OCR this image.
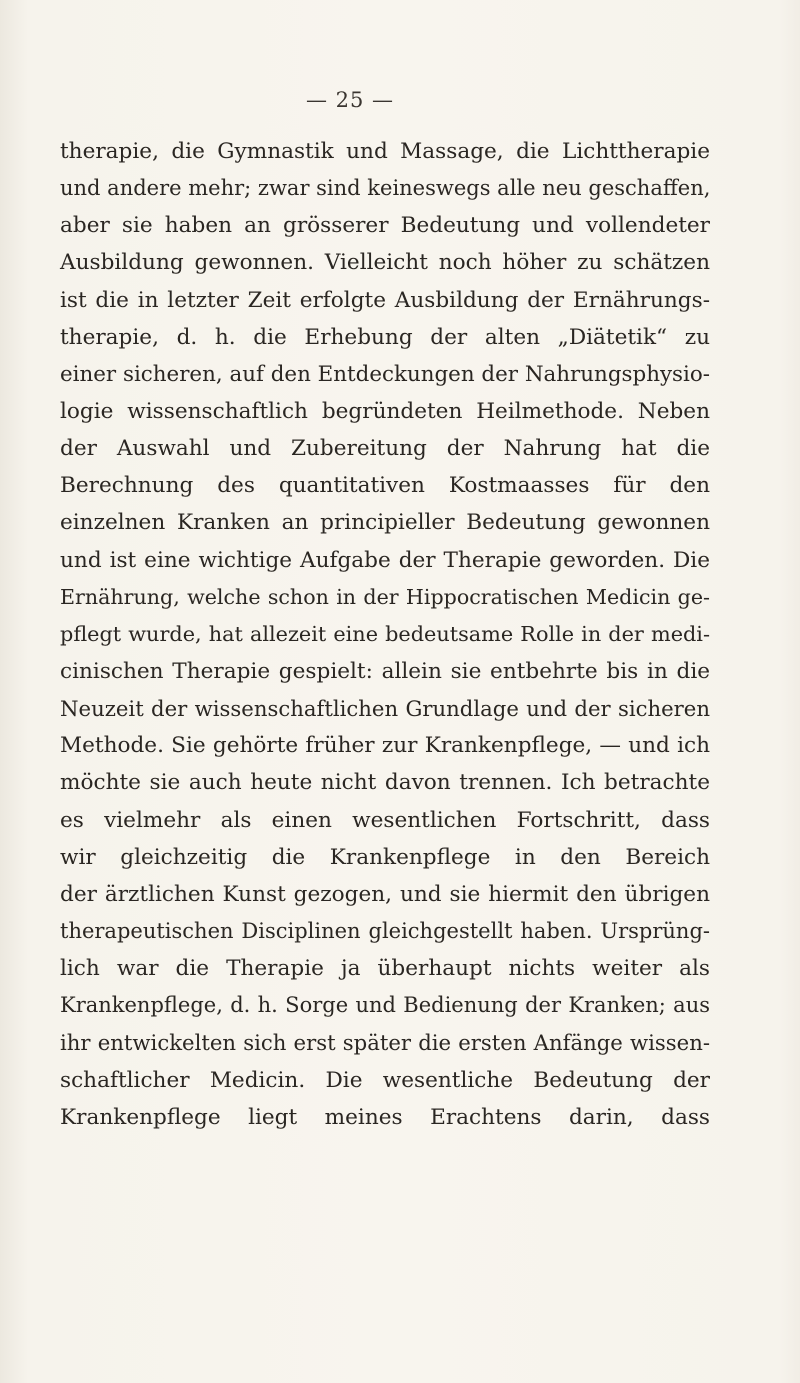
— 25 —
therapie, die Gymnastik und Massage, die Lichttherapie
und andere mehr; zwar sind keineswegs alle neu geschaffen,
aber sie haben an grösserer Bedeutung und vollendeter
Ausbildung gewonnen. Vielleicht noch höher zu schätzen
ist die in letzter Zeit erfolgte Ausbildung der Ernährungs-
therapie, d. h. die Erhebung der alten „Diätetik“ zu
einer sicheren, auf den Entdeckungen der Nahrungsphysio-
logie wissenschaftlich begründeten Heilmethode. Neben
der Auswahl und Zubereitung der Nahrung hat die
Berechnung des quantitativen Kostmaasses für den
einzelnen Kranken an principieller Bedeutung gewonnen
und ist eine wichtige Aufgabe der Therapie geworden. Die
Ernährung, welche schon in der Hippocratischen Medicin ge-
pflegt wurde, hat allezeit eine bedeutsame Rolle in der medi-
cinischen Therapie gespielt: allein sie entbehrte bis in die
Neuzeit der wissenschaftlichen Grundlage und der sicheren
Methode. Sie gehörte früher zur Krankenpflege, — und ich
möchte sie auch heute nicht davon trennen. Ich betrachte
es vielmehr als einen wesentlichen Fortschritt, dass
wir gleichzeitig die Krankenpflege in den Bereich
der ärztlichen Kunst gezogen, und sie hiermit den übrigen
therapeutischen Disciplinen gleichgestellt haben. Ursprüng-
lich war die Therapie ja überhaupt nichts weiter als
Krankenpflege, d. h. Sorge und Bedienung der Kranken; aus
ihr entwickelten sich erst später die ersten Anfänge wissen-
schaftlicher Medicin. Die wesentliche Bedeutung der
Krankenpflege liegt meines Erachtens darin, dass
